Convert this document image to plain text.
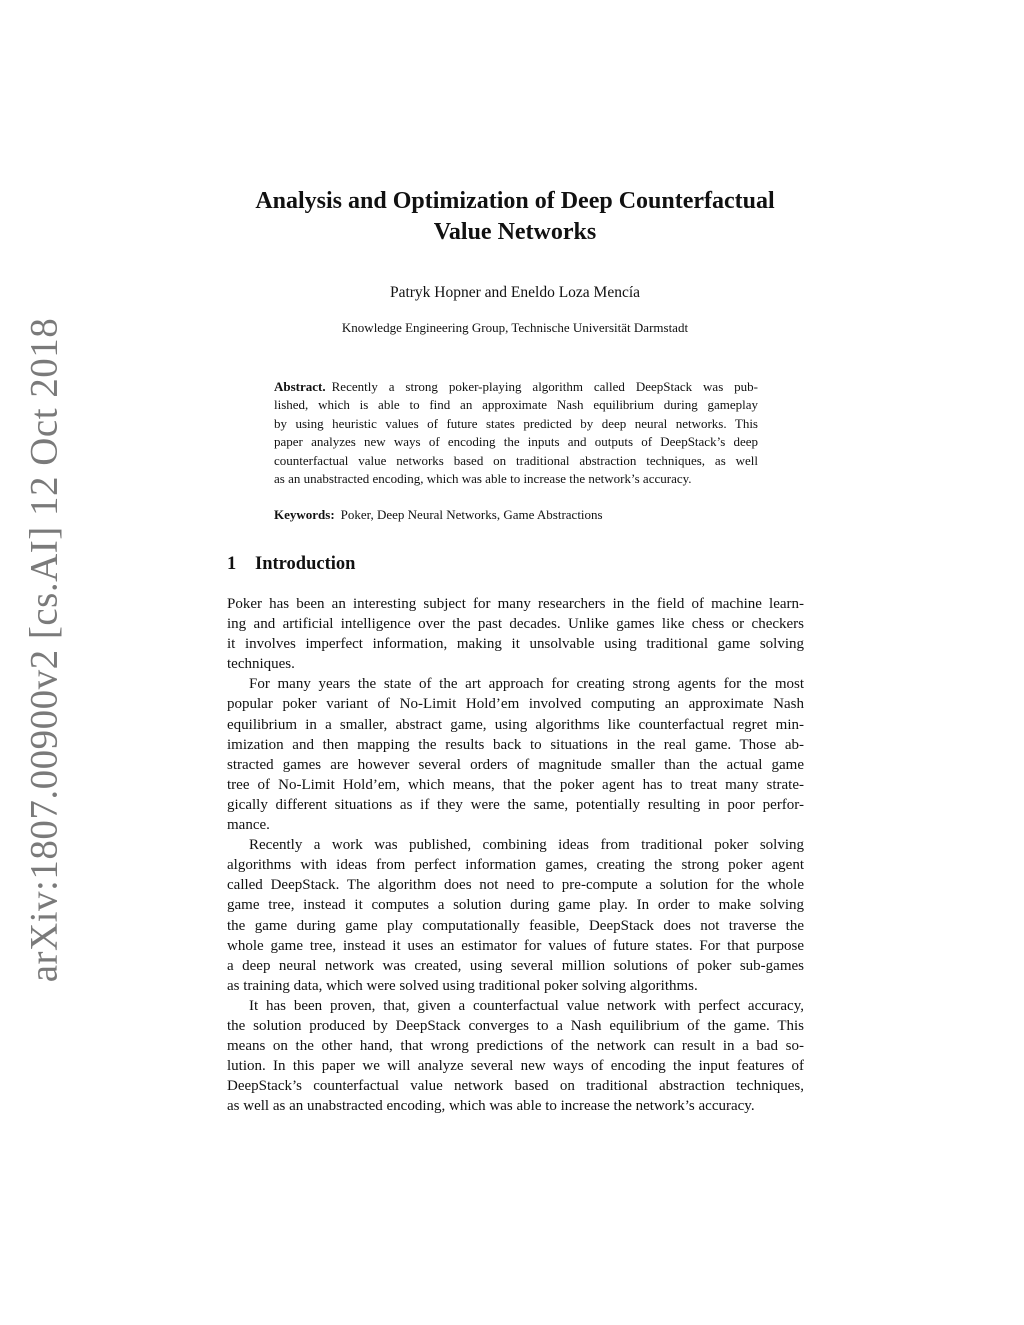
arXiv:1807.00900v2 [cs.AI] 12 Oct 2018
Analysis and Optimization of Deep Counterfactual
Value Networks
Patryk Hopner and Eneldo Loza Mencía
Knowledge Engineering Group, Technische Universität Darmstadt
Abstract. Recently a strong poker-playing algorithm called DeepStack was pub-
lished, which is able to find an approximate Nash equilibrium during gameplay
by using heuristic values of future states predicted by deep neural networks. This
paper analyzes new ways of encoding the inputs and outputs of DeepStack’s deep
counterfactual value networks based on traditional abstraction techniques, as well
as an unabstracted encoding, which was able to increase the network’s accuracy.
Keywords: Poker, Deep Neural Networks, Game Abstractions
1 Introduction
Poker has been an interesting subject for many researchers in the field of machine learn-
ing and artificial intelligence over the past decades. Unlike games like chess or checkers
it involves imperfect information, making it unsolvable using traditional game solving
techniques.
For many years the state of the art approach for creating strong agents for the most
popular poker variant of No-Limit Hold’em involved computing an approximate Nash
equilibrium in a smaller, abstract game, using algorithms like counterfactual regret min-
imization and then mapping the results back to situations in the real game. Those ab-
stracted games are however several orders of magnitude smaller than the actual game
tree of No-Limit Hold’em, which means, that the poker agent has to treat many strate-
gically different situations as if they were the same, potentially resulting in poor perfor-
mance.
Recently a work was published, combining ideas from traditional poker solving
algorithms with ideas from perfect information games, creating the strong poker agent
called DeepStack. The algorithm does not need to pre-compute a solution for the whole
game tree, instead it computes a solution during game play. In order to make solving
the game during game play computationally feasible, DeepStack does not traverse the
whole game tree, instead it uses an estimator for values of future states. For that purpose
a deep neural network was created, using several million solutions of poker sub-games
as training data, which were solved using traditional poker solving algorithms.
It has been proven, that, given a counterfactual value network with perfect accuracy,
the solution produced by DeepStack converges to a Nash equilibrium of the game. This
means on the other hand, that wrong predictions of the network can result in a bad so-
lution. In this paper we will analyze several new ways of encoding the input features of
DeepStack’s counterfactual value network based on traditional abstraction techniques,
as well as an unabstracted encoding, which was able to increase the network’s accuracy.
